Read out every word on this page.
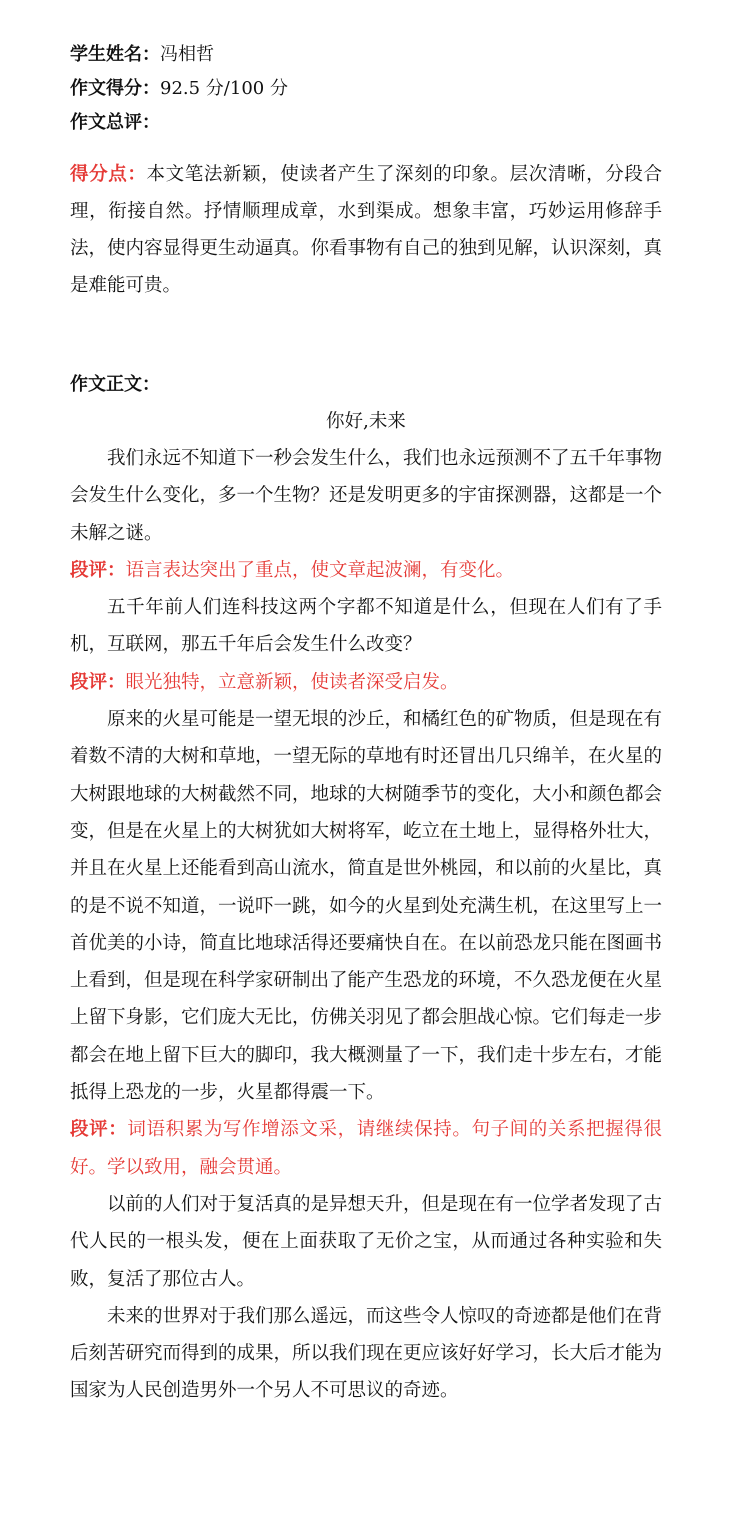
学生姓名：冯相哲
作文得分：92.5 分/100 分
作文总评：
得分点：本文笔法新颖，使读者产生了深刻的印象。层次清晰，分段合理，衔接自然。抒情顺理成章，水到渠成。想象丰富，巧妙运用修辞手法，使内容显得更生动逼真。你看事物有自己的独到见解，认识深刻，真是难能可贵。
作文正文：
你好,未来

我们永远不知道下一秒会发生什么，我们也永远预测不了五千年事物会发生什么变化，多一个生物？还是发明更多的宇宙探测器，这都是一个未解之谜。

段评：语言表达突出了重点，使文章起波澜，有变化。

五千年前人们连科技这两个字都不知道是什么，但现在人们有了手机，互联网，那五千年后会发生什么改变？

段评：眼光独特，立意新颖，使读者深受启发。

原来的火星可能是一望无垠的沙丘，和橘红色的矿物质，但是现在有着数不清的大树和草地，一望无际的草地有时还冒出几只绵羊，在火星的大树跟地球的大树截然不同，地球的大树随季节的变化，大小和颜色都会变，但是在火星上的大树犹如大树将军，屹立在土地上，显得格外壮大，并且在火星上还能看到高山流水，简直是世外桃园，和以前的火星比，真的是不说不知道，一说吓一跳，如今的火星到处充满生机，在这里写上一首优美的小诗，简直比地球活得还要痛快自在。在以前恐龙只能在图画书上看到，但是现在科学家研制出了能产生恐龙的环境，不久恐龙便在火星上留下身影，它们庞大无比，仿佛关羽见了都会胆战心惊。它们每走一步都会在地上留下巨大的脚印，我大概测量了一下，我们走十步左右，才能抵得上恐龙的一步，火星都得震一下。

段评：词语积累为写作增添文采，请继续保持。句子间的关系把握得很好。学以致用，融会贯通。

以前的人们对于复活真的是异想天升，但是现在有一位学者发现了古代人民的一根头发，便在上面获取了无价之宝，从而通过各种实验和失败，复活了那位古人。

未来的世界对于我们那么遥远，而这些令人惊叹的奇迹都是他们在背后刻苦研究而得到的成果，所以我们现在更应该好好学习，长大后才能为国家为人民创造男外一个另人不可思议的奇迹。
